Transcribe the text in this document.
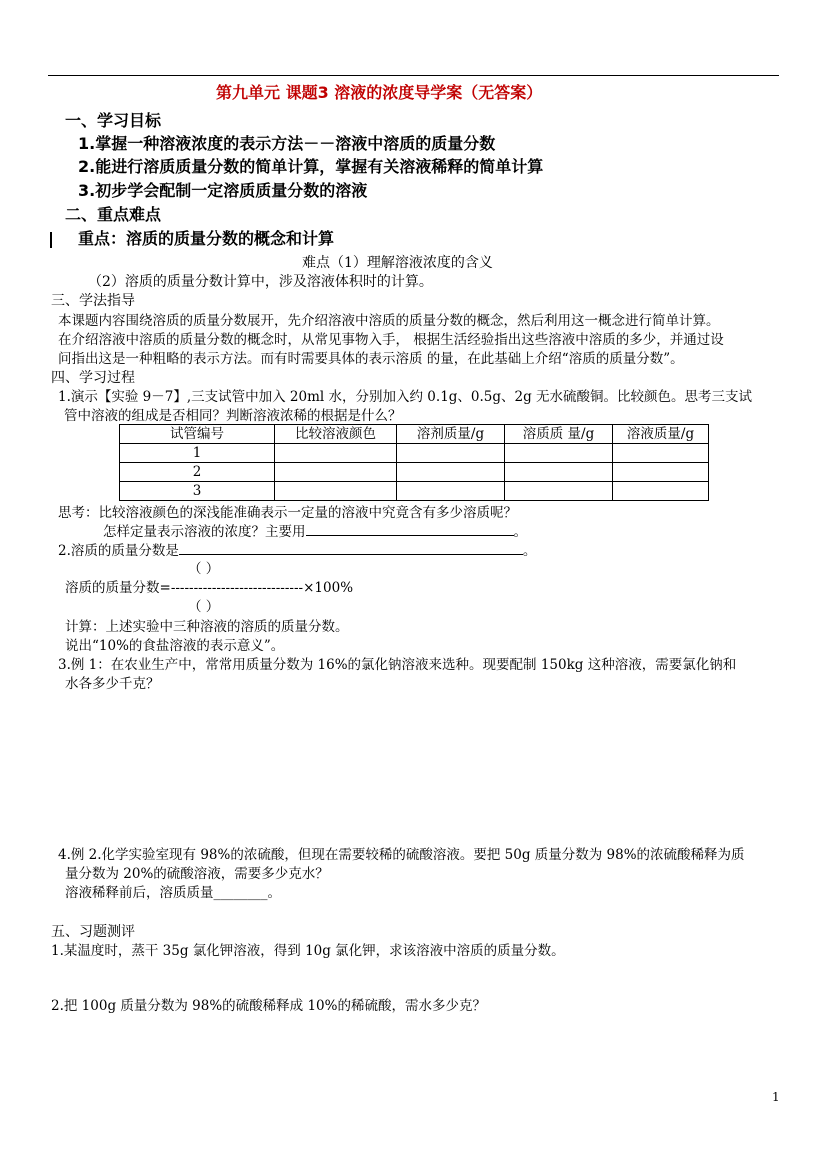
第九单元 课题3 溶液的浓度导学案（无答案）
一、学习目标
1.掌握一种溶液浓度的表示方法－－溶液中溶质的质量分数
2.能进行溶质质量分数的简单计算，掌握有关溶液稀释的简单计算
3.初步学会配制一定溶质质量分数的溶液
二、重点难点
重点：溶质的质量分数的概念和计算
难点（1）理解溶液浓度的含义
（2）溶质的质量分数计算中，涉及溶液体积时的计算。
三、学法指导
本课题内容围绕溶质的质量分数展开，先介绍溶液中溶质的质量分数的概念，然后利用这一概念进行简单计算。
在介绍溶液中溶质的质量分数的概念时，从常见事物入手， 根据生活经验指出这些溶液中溶质的多少，并通过设
问指出这是一种粗略的表示方法。而有时需要具体的表示溶质 的量，在此基础上介绍“溶质的质量分数”。
四、学习过程
1.演示【实验 9－7】,三支试管中加入 20ml 水，分别加入约 0.1g、0.5g、2g 无水硫酸铜。比较颜色。思考三支试
管中溶液的组成是否相同？判断溶液浓稀的根据是什么？
试管编号	比较溶液颜色	溶剂质量/g	溶质质 量/g	溶液质量/g
1				
2				
3				
思考：比较溶液颜色的深浅能准确表示一定量的溶液中究竟含有多少溶质呢？
怎样定量表示溶液的浓度？主要用	。
2.溶质的质量分数是	。
（ ）
溶质的质量分数=-----------------------------×100%
（ ）
计算：上述实验中三种溶液的溶质的质量分数。
说出“10%的食盐溶液的表示意义”。
3.例 1：在农业生产中，常常用质量分数为 16%的氯化钠溶液来选种。现要配制 150kg 这种溶液，需要氯化钠和
水各多少千克？
4.例 2.化学实验室现有 98%的浓硫酸，但现在需要较稀的硫酸溶液。要把 50g 质量分数为 98%的浓硫酸稀释为质
量分数为 20%的硫酸溶液，需要多少克水？
溶液稀释前后，溶质质量________。
五、习题测评
1.某温度时，蒸干 35g 氯化钾溶液，得到 10g 氯化钾，求该溶液中溶质的质量分数。
2.把 100g 质量分数为 98%的硫酸稀释成 10%的稀硫酸，需水多少克？
1
